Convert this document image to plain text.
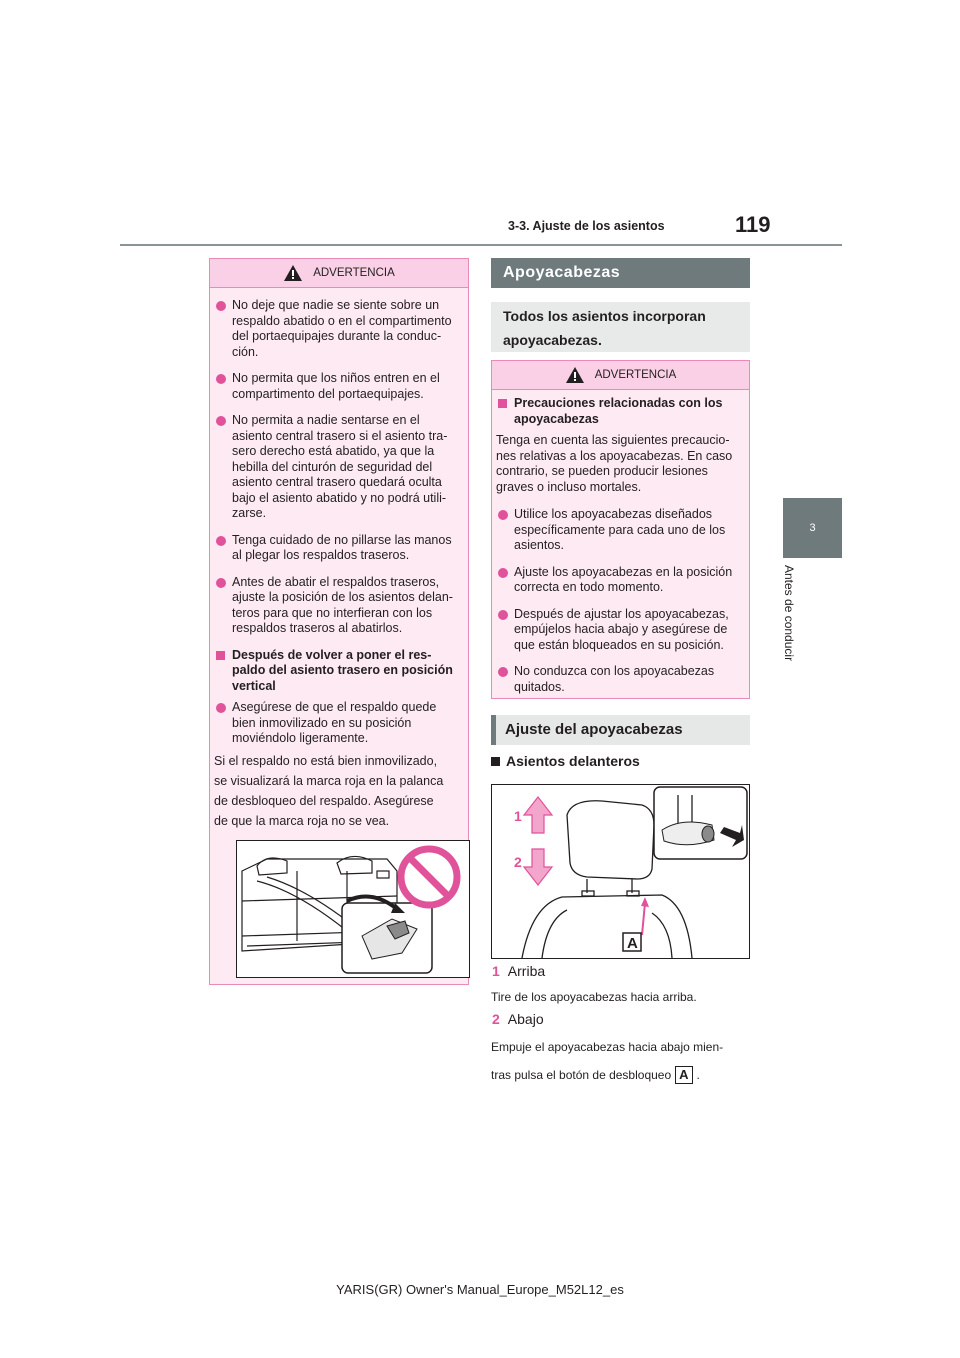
3-3. Ajuste de los asientos	119
3
Antes de conducir
ADVERTENCIA

No deje que nadie se siente sobre un respaldo abatido o en el compartimento del portaequipajes durante la conduc-ción.

No permita que los niños entren en el compartimento del portaequipajes.

No permita a nadie sentarse en el asiento central trasero si el asiento tra-sero derecho está abatido, ya que la hebilla del cinturón de seguridad del asiento central trasero quedará oculta bajo el asiento abatido y no podrá utili-zarse.

Tenga cuidado de no pillarse las manos al plegar los respaldos traseros.

Antes de abatir el respaldos traseros, ajuste la posición de los asientos delan-teros para que no interfieran con los respaldos traseros al abatirlos.

Después de volver a poner el res-paldo del asiento trasero en posición vertical

Asegúrese de que el respaldo quede bien inmovilizado en su posición moviéndolo ligeramente.

Si el respaldo no está bien inmovilizado,

se visualizará la marca roja en la palanca

de desbloqueo del respaldo. Asegúrese

de que la marca roja no se vea.

Apoyacabezas
Todos los asientos incorporan
apoyacabezas.
ADVERTENCIA

Precauciones relacionadas con los apoyacabezas

Tenga en cuenta las siguientes precaucio-nes relativas a los apoyacabezas. En caso contrario, se pueden producir lesiones graves o incluso mortales.

Utilice los apoyacabezas diseñados específicamente para cada uno de los asientos.

Ajuste los apoyacabezas en la posición correcta en todo momento.

Después de ajustar los apoyacabezas, empújelos hacia abajo y asegúrese de que están bloqueados en su posición.

No conduzca con los apoyacabezas quitados.

Ajuste del apoyacabezas
Asientos delanteros
1
2
A
1 Arriba
Tire de los apoyacabezas hacia arriba.
2 Abajo
Empuje el apoyacabezas hacia abajo mien-
tras pulsa el botón de desbloqueo A .
YARIS(GR) Owner's Manual_Europe_M52L12_es
